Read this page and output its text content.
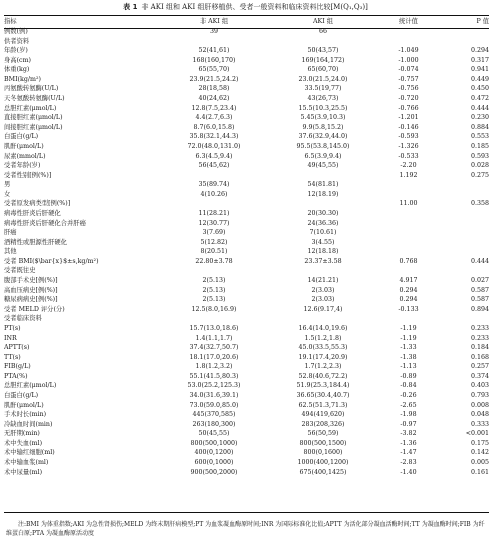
表 1 非 AKI 组和 AKI 组肝移植供、受者一般资料和临床资料比较[M(Q₁,Q₃)]
指标	非 AKI 组	AKI 组	统计值	P 值
例数(例)	39	66		
供者资料				
年龄(岁)	52(41,61)	50(43,57)	-1.049	0.294
身高(cm)	168(160,170)	169(164,172)	-1.000	0.317
体重(kg)	65(55,70)	65(60,70)	-0.074	0.941
BMI(kg/m²)	23.9(21.5,24.2)	23.0(21.5,24.0)	-0.757	0.449
丙氨酸转氨酶(U/L)	28(18,58)	33.5(19,77)	-0.756	0.450
天冬氨酸转氨酶(U/L)	40(24,62)	43(26,73)	-0.720	0.472
总胆红素(μmol/L)	12.8(7.5,23.4)	15.5(10.3,25.5)	-0.766	0.444
直接胆红素(μmol/L)	4.4(2.7,6.3)	5.45(3.9,10.3)	-1.201	0.230
间接胆红素(μmol/L)	8.7(6.0,15.8)	9.9(5.8,15.2)	-0.146	0.884
白蛋白(g/L)	35.8(32.1,44.3)	37.6(32.9,44.0)	-0.593	0.553
肌酐(μmol/L)	72.0(48.0,131.0)	95.5(53.8,145.0)	-1.326	0.185
尿素(mmol/L)	6.3(4.5,9.4)	6.5(3.9,9.4)	-0.533	0.593
受者年龄(岁)	56(45,62)	49(45,55)	-2.20	0.028
受者性别[例(%)]			1.192	0.275
男	35(89.74)	54(81.81)		
女	4(10.26)	12(18.19)		
受者原发病类型[例(%)]			11.00	0.358
病毒性肝炎后肝硬化	11(28.21)	20(30.30)		
病毒性肝炎后肝硬化合并肝癌	12(30.77)	24(36.36)		
肝癌	3(7.69)	7(10.61)		
酒精性或胆源性肝硬化	5(12.82)	3(4.55)		
其他	8(20.51)	12(18.18)		
受者 BMI($\bar{x}$±s,kg/m²)	22.80±3.78	23.37±3.58	0.768	0.444
受者既往史				
腹部手术史[例(%)]	2(5.13)	14(21.21)	4.917	0.027
高血压病史[例(%)]	2(5.13)	2(3.03)	0.294	0.587
糖尿病病史[例(%)]	2(5.13)	2(3.03)	0.294	0.587
受者 MELD 评分(分)	12.5(8.0,16.9)	12.6(9.17,4)	-0.133	0.894
受者临床资料				
PT(s)	15.7(13.0,18.6)	16.4(14.0,19.6)	-1.19	0.233
INR	1.4(1.1,1.7)	1.5(1.2,1.8)	-1.19	0.233
APTT(s)	37.4(32.7,50.7)	45.0(33.5,55.3)	-1.33	0.184
TT(s)	18.1(17.0,20.6)	19.1(17.4,20.9)	-1.38	0.168
FIB(g/L)	1.8(1.2,3.2)	1.7(1.2,2.3)	-1.13	0.257
PTA(%)	55.1(41.5,80.3)	52.8(40.6,72.2)	-0.89	0.374
总胆红素(μmol/L)	53.0(25.2,125.3)	51.9(25.3,184.4)	-0.84	0.403
白蛋白(g/L)	34.0(31.6,39.1)	36.65(30.4,40.7)	-0.26	0.793
肌酐(μmol/L)	73.0(59.0,85.0)	62.5(51.3,71.3)	-2.65	0.008
手术时长(min)	445(370,585)	494(419,620)	-1.98	0.048
冷缺血时间(min)	263(180,300)	283(208,326)	-0.97	0.333
无肝期(min)	50(45,55)	56(50,59)	-3.82	<0.001
术中失血(ml)	800(500,1000)	800(500,1500)	-1.36	0.175
术中输红细胞(ml)	400(0,1200)	800(0,1600)	-1.47	0.142
术中输血浆(ml)	600(0,1000)	1000(400,1200)	-2.83	0.005
术中尿量(ml)	900(500,2000)	675(400,1425)	-1.40	0.161
注:BMI 为体重指数;AKI 为急性肾损伤;MELD 为终末期肝病模型;PT 为血浆凝血酶原时间;INR 为国际标准化比值;APTT 为活化部分凝血活酶时间;TT 为凝血酶时间;FIB 为纤维蛋白原;PTA 为凝血酶原活动度
